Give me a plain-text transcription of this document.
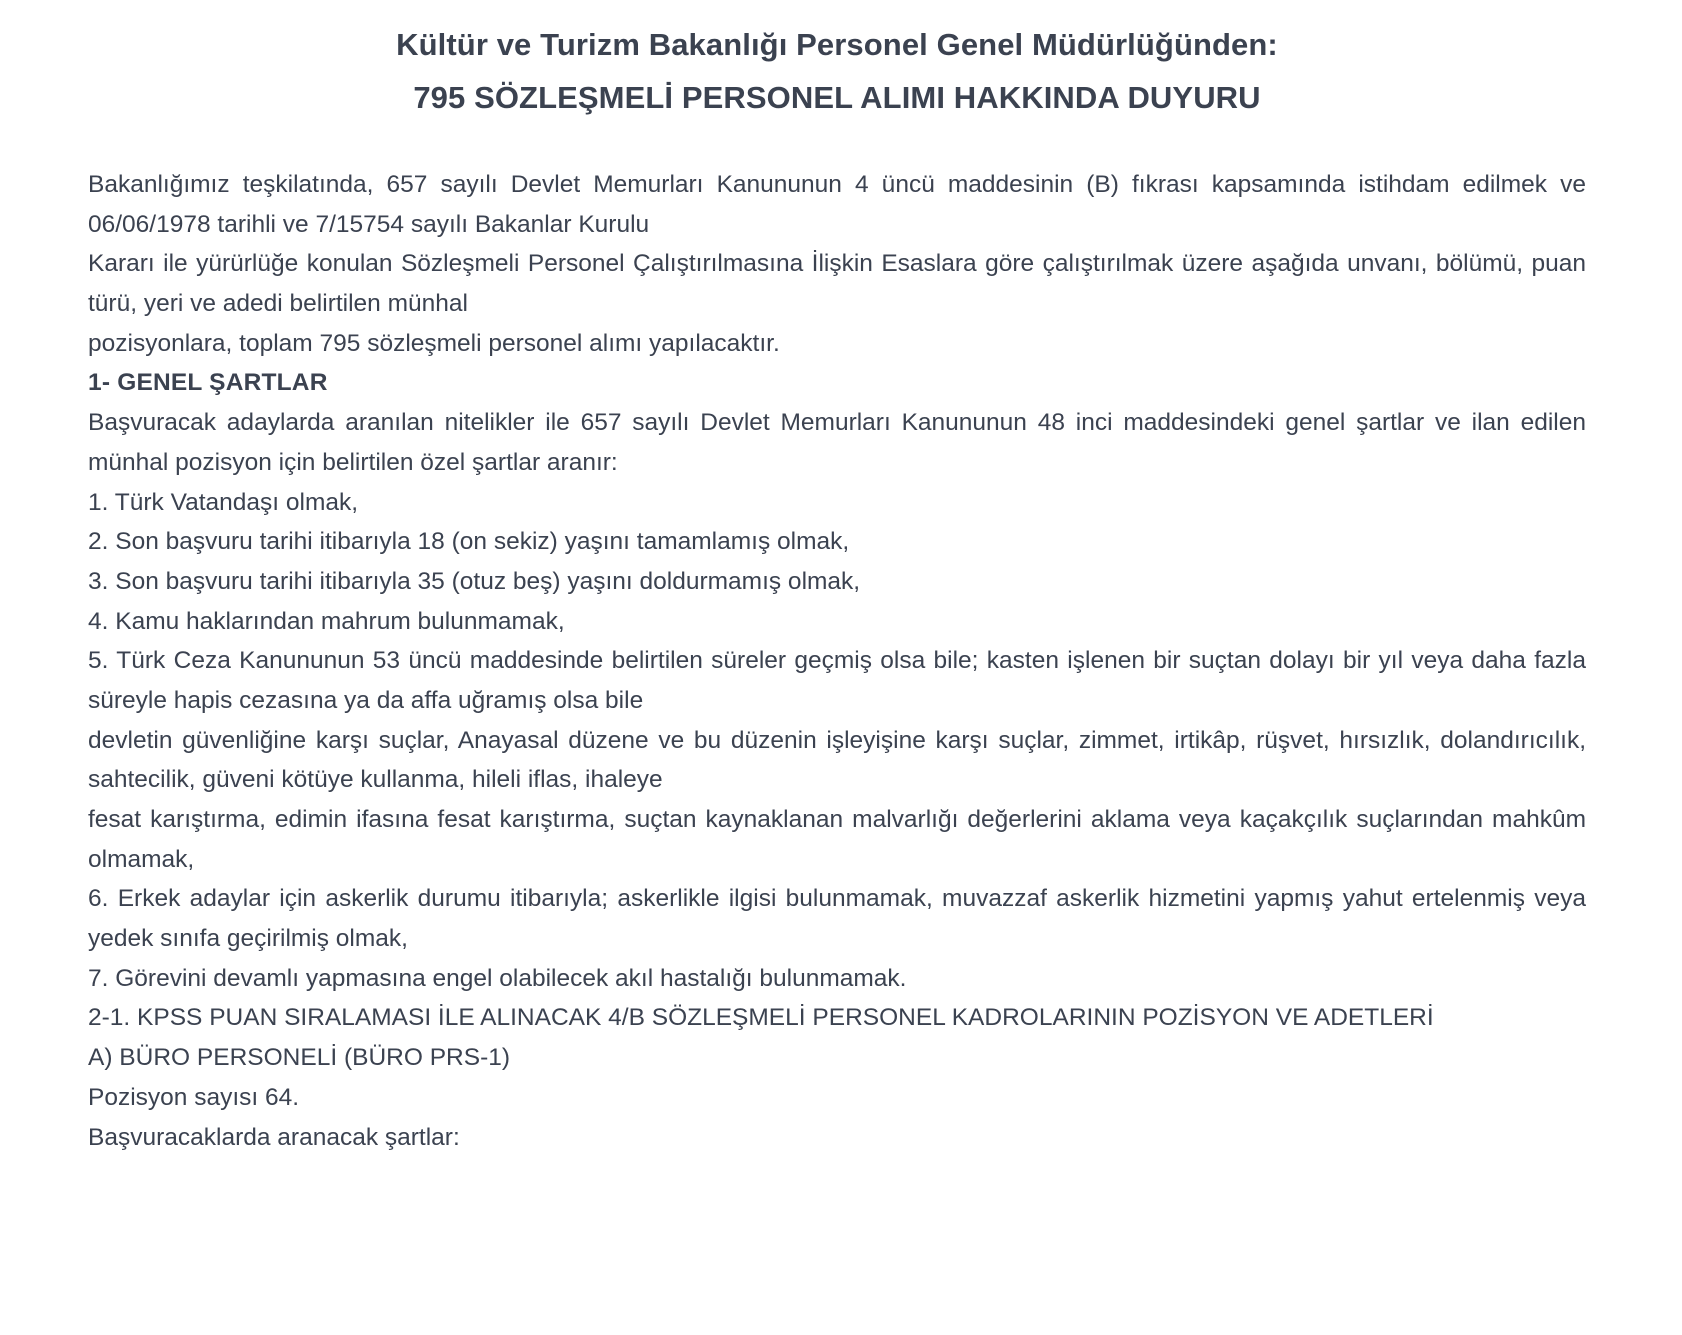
Kültür ve Turizm Bakanlığı Personel Genel Müdürlüğünden:
795 SÖZLEŞMELİ PERSONEL ALIMI HAKKINDA DUYURU

Bakanlığımız teşkilatında, 657 sayılı Devlet Memurları Kanununun 4 üncü maddesinin (B) fıkrası kapsamında istihdam edilmek ve 06/06/1978 tarihli ve 7/15754 sayılı Bakanlar Kurulu

Kararı ile yürürlüğe konulan Sözleşmeli Personel Çalıştırılmasına İlişkin Esaslara göre çalıştırılmak üzere aşağıda unvanı, bölümü, puan türü, yeri ve adedi belirtilen münhal

pozisyonlara, toplam 795 sözleşmeli personel alımı yapılacaktır.

1- GENEL ŞARTLAR

Başvuracak adaylarda aranılan nitelikler ile 657 sayılı Devlet Memurları Kanununun 48 inci maddesindeki genel şartlar ve ilan edilen münhal pozisyon için belirtilen özel şartlar aranır:

1. Türk Vatandaşı olmak,

2. Son başvuru tarihi itibarıyla 18 (on sekiz) yaşını tamamlamış olmak,

3. Son başvuru tarihi itibarıyla 35 (otuz beş) yaşını doldurmamış olmak,

4. Kamu haklarından mahrum bulunmamak,

5. Türk Ceza Kanununun 53 üncü maddesinde belirtilen süreler geçmiş olsa bile; kasten işlenen bir suçtan dolayı bir yıl veya daha fazla süreyle hapis cezasına ya da affa uğramış olsa bile

devletin güvenliğine karşı suçlar, Anayasal düzene ve bu düzenin işleyişine karşı suçlar, zimmet, irtikâp, rüşvet, hırsızlık, dolandırıcılık, sahtecilik, güveni kötüye kullanma, hileli iflas, ihaleye

fesat karıştırma, edimin ifasına fesat karıştırma, suçtan kaynaklanan malvarlığı değerlerini aklama veya kaçakçılık suçlarından mahkûm olmamak,

6. Erkek adaylar için askerlik durumu itibarıyla; askerlikle ilgisi bulunmamak, muvazzaf askerlik hizmetini yapmış yahut ertelenmiş veya yedek sınıfa geçirilmiş olmak,

7. Görevini devamlı yapmasına engel olabilecek akıl hastalığı bulunmamak.

2-1. KPSS PUAN SIRALAMASI İLE ALINACAK 4/B SÖZLEŞMELİ PERSONEL KADROLARININ POZİSYON VE ADETLERİ

A) BÜRO PERSONELİ (BÜRO PRS-1)

Pozisyon sayısı 64.

Başvuracaklarda aranacak şartlar:
